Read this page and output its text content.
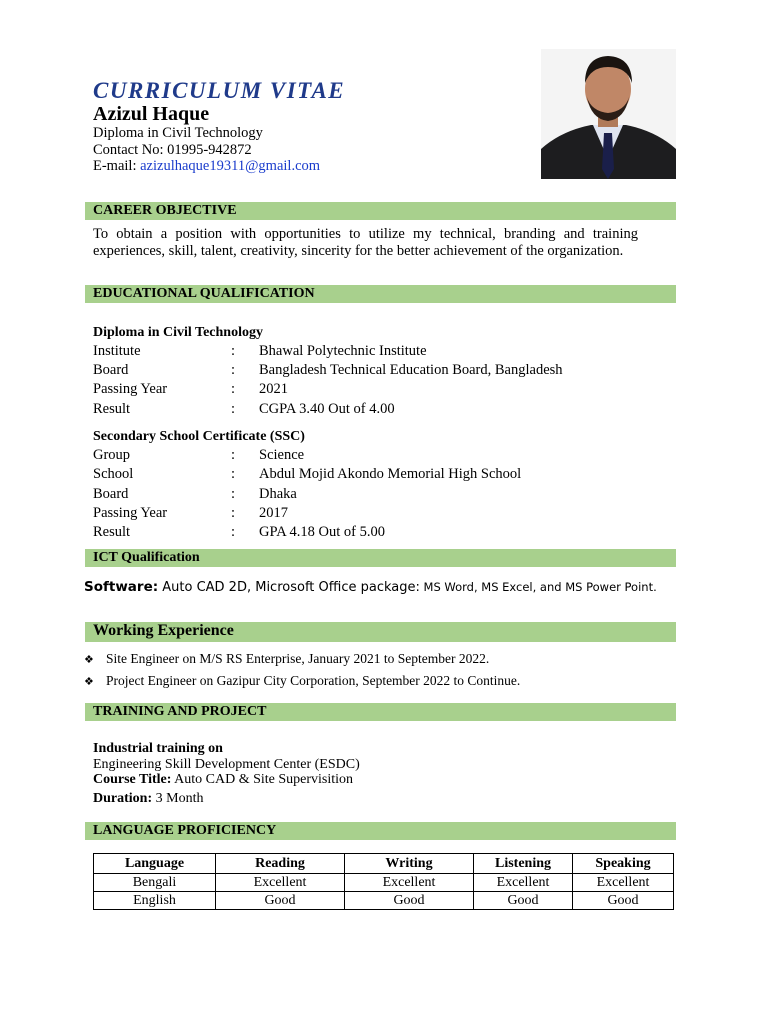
CURRICULUM VITAE
Azizul Haque
Diploma in Civil Technology
Contact No: 01995-942872
E-mail: azizulhaque19311@gmail.com
CAREER OBJECTIVE
To obtain a position with opportunities to utilize my technical, branding and training experiences, skill, talent, creativity, sincerity for the better achievement of the organization.
EDUCATIONAL QUALIFICATION
Diploma in Civil Technology
Institute	: Bhawal Polytechnic Institute
Board	: Bangladesh Technical Education Board, Bangladesh
Passing Year	: 2021
Result	: CGPA 3.40 Out of 4.00
Secondary School Certificate (SSC)
Group	: Science
School	: Abdul Mojid Akondo Memorial High School
Board	: Dhaka
Passing Year	: 2017
Result	: GPA 4.18 Out of 5.00
ICT Qualification
Software: Auto CAD 2D, Microsoft Office package: MS Word, MS Excel, and MS Power Point.
Working Experience
❖ Site Engineer on M/S RS Enterprise, January 2021 to September 2022.
❖ Project Engineer on Gazipur City Corporation, September 2022 to Continue.
TRAINING AND PROJECT
Industrial training on
Engineering Skill Development Center (ESDC)
Course Title: Auto CAD & Site Supervisition
Duration: 3 Month
LANGUAGE PROFICIENCY
Language	Reading	Writing	Listening	Speaking
Bengali	Excellent	Excellent	Excellent	Excellent
English	Good	Good	Good	Good
